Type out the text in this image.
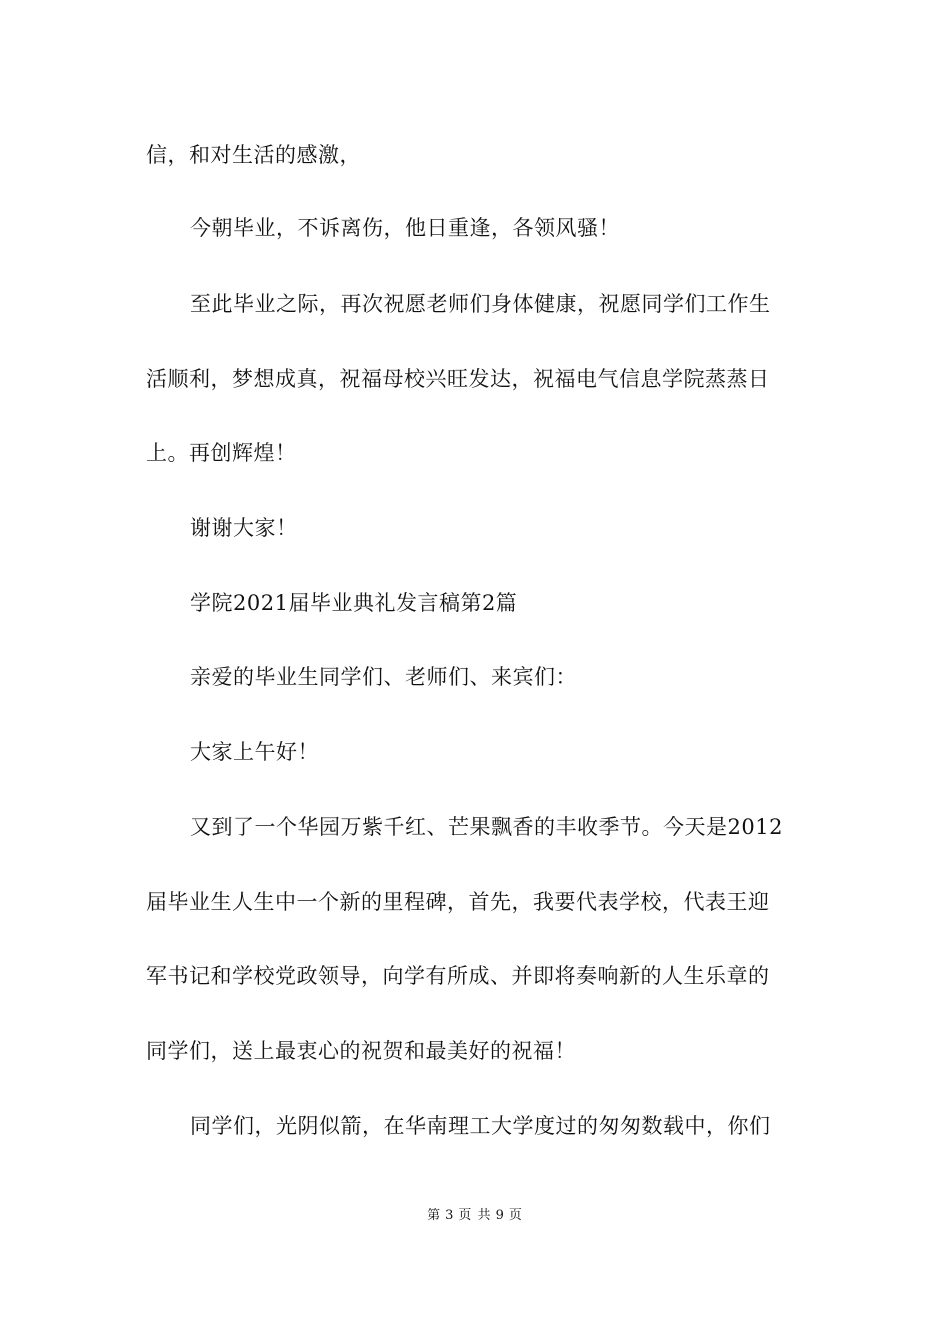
信，和对生活的感激，
今朝毕业，不诉离伤，他日重逢，各领风骚！
至此毕业之际，再次祝愿老师们身体健康，祝愿同学们工作生
活顺利，梦想成真，祝福母校兴旺发达，祝福电气信息学院蒸蒸日
上。再创辉煌！
谢谢大家！
学院2021届毕业典礼发言稿第2篇
亲爱的毕业生同学们、老师们、来宾们：
大家上午好！
又到了一个华园万紫千红、芒果飘香的丰收季节。今天是2012
届毕业生人生中一个新的里程碑，首先，我要代表学校，代表王迎
军书记和学校党政领导，向学有所成、并即将奏响新的人生乐章的
同学们，送上最衷心的祝贺和最美好的祝福！
同学们，光阴似箭，在华南理工大学度过的匆匆数载中，你们
第 3 页 共 9 页
